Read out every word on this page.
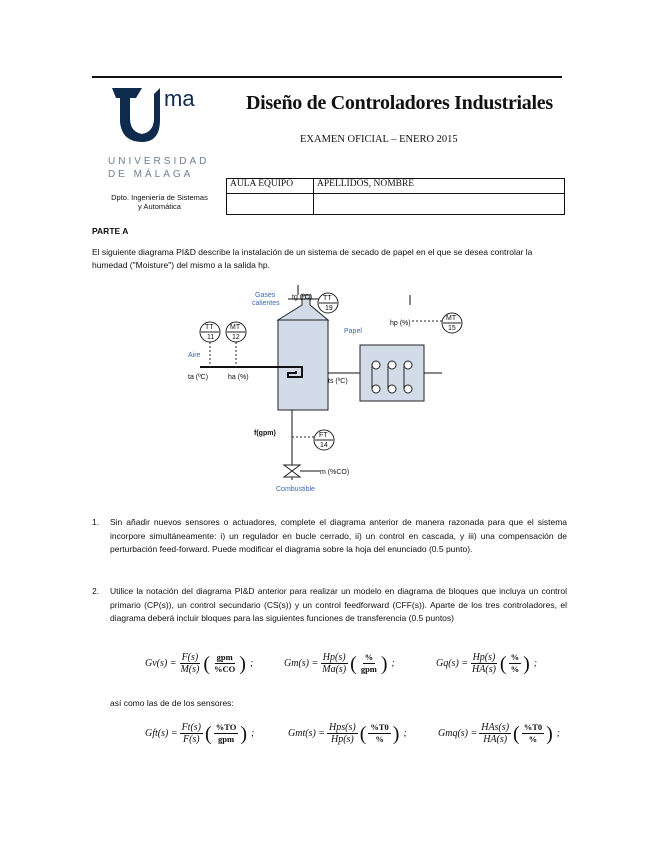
ma
UNIVERSIDAD
DE MÁLAGA
Diseño de Controladores Industriales
EXAMEN OFICIAL – ENERO 2015
Dpto. Ingeniería de Sistemas
y Automática
AULA EQUIPO	APELLIDOS, NOMBRE

PARTE A
El siguiente diagrama PI&D describe la instalación de un sistema de secado de papel en el que se desea controlar la humedad ("Moisture") del mismo a la salida hp.
Gases
calientes
tg (ºC) TT
19
TT
11
MT
12
Aire
ta (ºC)	ha (%)
ts (ºC)
Papel
hp (%)
MT
15
f(gpm)	FT
14
m (%CO)
Combustible
1. Sin añadir nuevos sensores o actuadores, complete el diagrama anterior de manera razonada para que el sistema incorpore simultáneamente: i) un regulador en bucle cerrado, ii) un control en cascada, y iii) una compensación de perturbación feed-forward. Puede modificar el diagrama sobre la hoja del enunciado (0.5 punto).
2. Utilice la notación del diagrama PI&D anterior para realizar un modelo en diagrama de bloques que incluya un control primario (CP(s)), un control secundario (CS(s)) y un control feedforward (CFF(s)). Aparte de los tres controladores, el diagrama deberá incluir bloques para las siguientes funciones de transferencia (0.5 puntos)
$Gv(s) = \frac{F(s)}{M(s)}$ ( $\frac{\text{gpm}}{\%CO}$ ) ;	$Gm(s) = \frac{Hp(s)}{Ma(s)}$ ( $\frac{\%}{\text{gpm}}$ ) ;	$Gq(s) = \frac{Hp(s)}{HA(s)}$ ( $\frac{\%}{\%}$ ) ;
así como las de de los sensores:
$Gft(s) = \frac{Ft(s)}{F(s)}$ ( $\frac{\%TO}{\text{gpm}}$ ) ;	$Gmt(s) = \frac{\text{Hps(s)}}{Hp(s)}$ ( $\frac{\%T0}{\%}$ ) ;	$Gmq(s) = \frac{\text{HAs(s)}}{HA(s)}$ ( $\frac{\%T0}{\%}$ ) ;
